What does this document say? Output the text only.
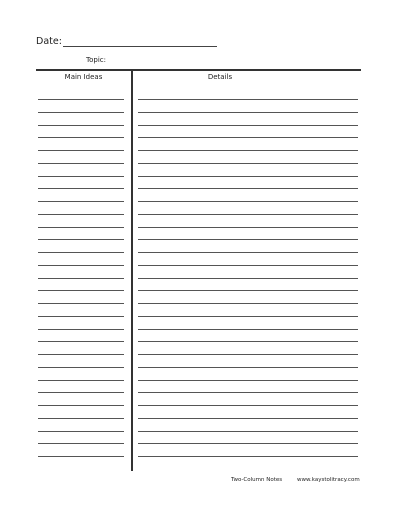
Date:
Topic:
Main Ideas	Details
Two-Column Notes	www.kaystolitracy.com
